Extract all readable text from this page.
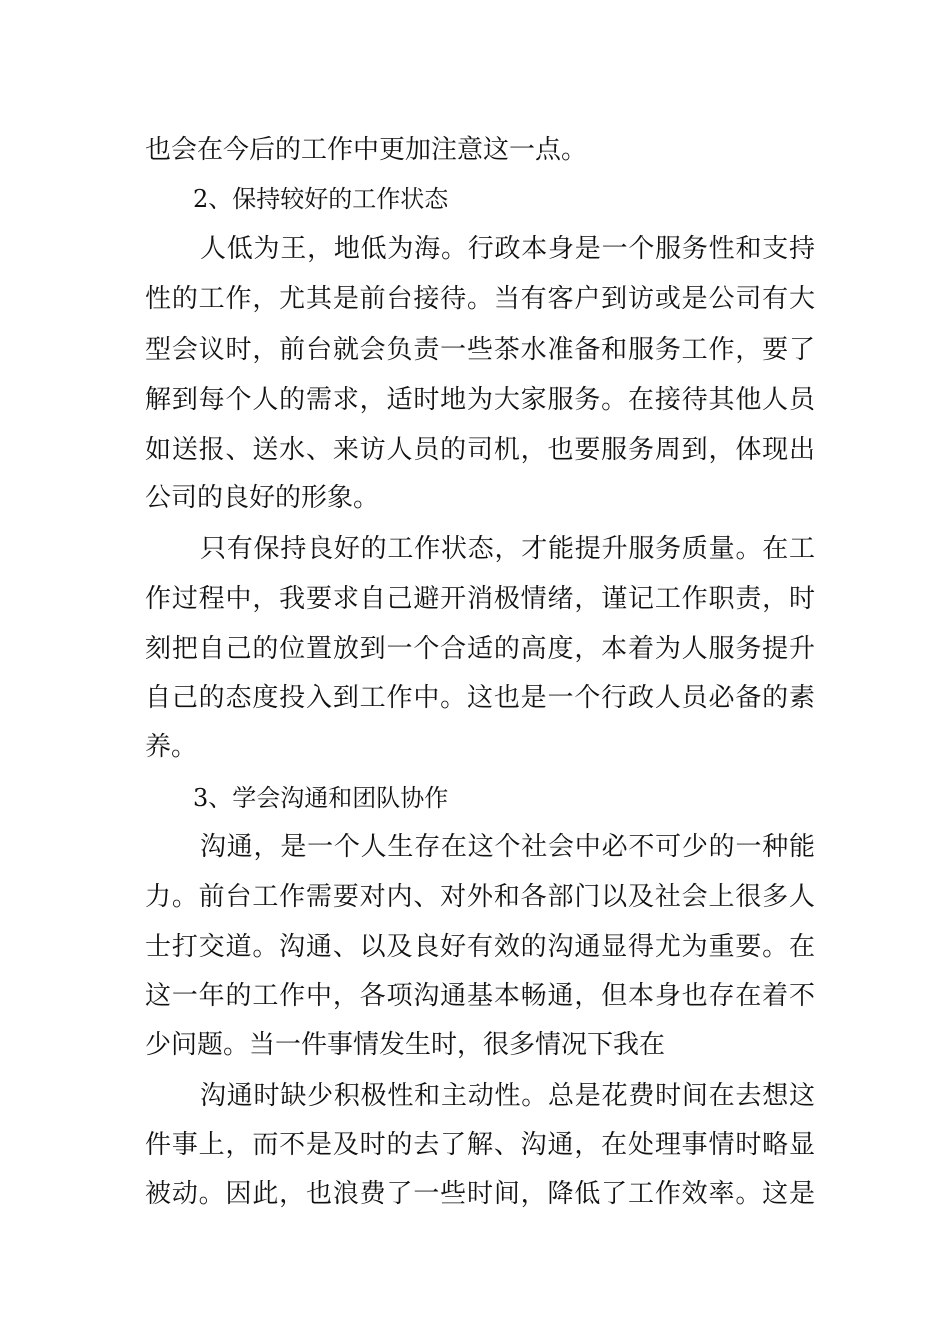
也会在今后的工作中更加注意这一点。
2、保持较好的工作状态
人低为王，地低为海。行政本身是一个服务性和支持
性的工作，尤其是前台接待。当有客户到访或是公司有大
型会议时，前台就会负责一些茶水准备和服务工作，要了
解到每个人的需求，适时地为大家服务。在接待其他人员
如送报、送水、来访人员的司机，也要服务周到，体现出
公司的良好的形象。
只有保持良好的工作状态，才能提升服务质量。在工
作过程中，我要求自己避开消极情绪，谨记工作职责，时
刻把自己的位置放到一个合适的高度，本着为人服务提升
自己的态度投入到工作中。这也是一个行政人员必备的素
养。
3、学会沟通和团队协作
沟通，是一个人生存在这个社会中必不可少的一种能
力。前台工作需要对内、对外和各部门以及社会上很多人
士打交道。沟通、以及良好有效的沟通显得尤为重要。在
这一年的工作中，各项沟通基本畅通，但本身也存在着不
少问题。当一件事情发生时，很多情况下我在
沟通时缺少积极性和主动性。总是花费时间在去想这
件事上，而不是及时的去了解、沟通，在处理事情时略显
被动。因此，也浪费了一些时间，降低了工作效率。这是
